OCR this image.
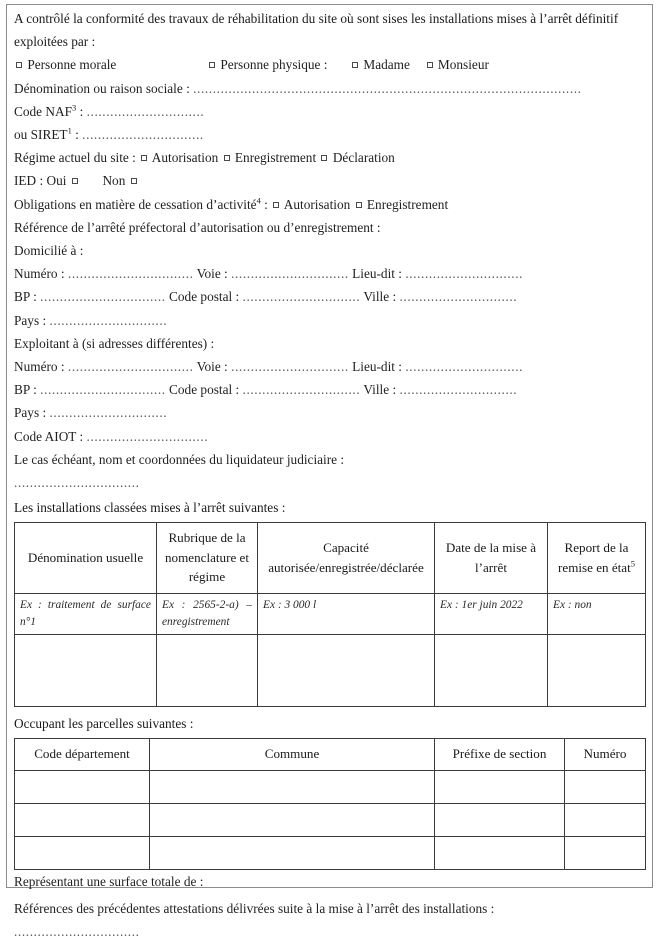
A contrôlé la conformité des travaux de réhabilitation du site où sont sises les installations mises à l’arrêt définitif exploitées par :

Personne morale	Personne physique :	Madame Monsieur
Dénomination ou raison sociale : ...................................................................................................
Code NAF$^3$ : ..............................
ou SIRET$^1$ : ...............................
Régime actuel du site : Autorisation Enregistrement Déclaration
IED : Oui	Non
Obligations en matière de cessation d’activité$^4$ :  Autorisation Enregistrement
Référence de l’arrêté préfectoral d’autorisation ou d’enregistrement :
Domicilié à :
Numéro : ................................ Voie : .............................. Lieu-dit : ..............................
BP : ................................ Code postal : .............................. Ville : ..............................
Pays : ..............................
Exploitant à (si adresses différentes) :
Numéro : ................................ Voie : .............................. Lieu-dit : ..............................
BP : ................................ Code postal : .............................. Ville : ..............................
Pays : ..............................
Code AIOT : ...............................
Le cas échéant, nom et coordonnées du liquidateur judiciaire :
................................
Les installations classées mises à l’arrêt suivantes :
Dénomination usuelle	Rubrique de la nomenclature et régime	Capacité autorisée/enregistrée/déclarée	Date de la mise à l’arrêt	Report de la remise en état$^5$
Ex : traitement de surface n°1	Ex : 2565-2-a) – enregistrement	Ex : 3 000 l	Ex : 1er juin 2022	Ex : non

Occupant les parcelles suivantes :
Code département	Commune	Préfixe de section	Numéro

Représentant une surface totale de :
Références des précédentes attestations délivrées suite à la mise à l’arrêt des installations :
................................
